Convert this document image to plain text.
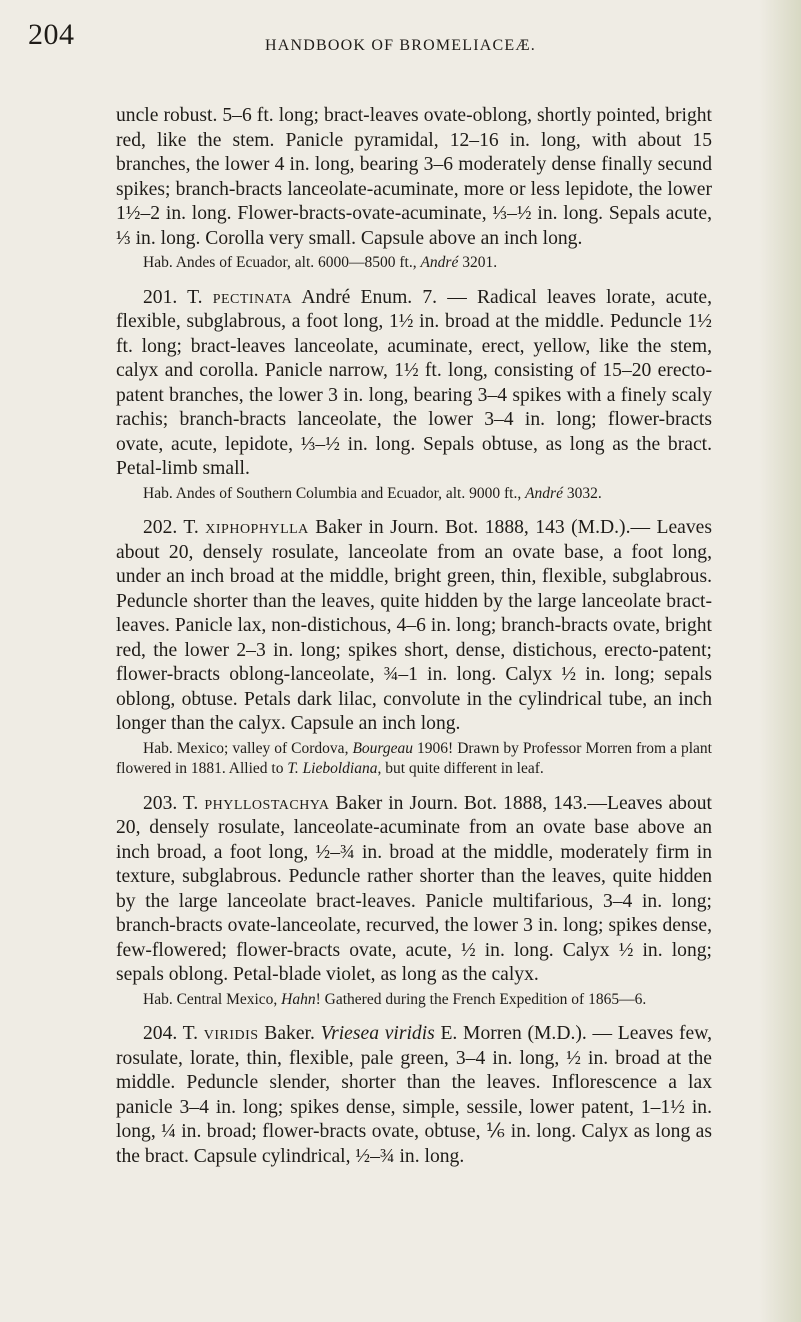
204	HANDBOOK OF BROMELIACEÆ.

uncle robust. 5–6 ft. long; bract-leaves ovate-oblong, shortly pointed, bright red, like the stem. Panicle pyramidal, 12–16 in. long, with about 15 branches, the lower 4 in. long, bearing 3–6 moderately dense finally secund spikes; branch-bracts lanceolate-acuminate, more or less lepidote, the lower 1½–2 in. long. Flower-bracts-ovate-acuminate, ⅓–½ in. long. Sepals acute, ⅓ in. long. Corolla very small. Capsule above an inch long.

Hab. Andes of Ecuador, alt. 6000—8500 ft., André 3201.

201. T. pectinata André Enum. 7. — Radical leaves lorate, acute, flexible, subglabrous, a foot long, 1½ in. broad at the middle. Peduncle 1½ ft. long; bract-leaves lanceolate, acuminate, erect, yellow, like the stem, calyx and corolla. Panicle narrow, 1½ ft. long, consisting of 15–20 erecto-patent branches, the lower 3 in. long, bearing 3–4 spikes with a finely scaly rachis; branch-bracts lanceolate, the lower 3–4 in. long; flower-bracts ovate, acute, lepidote, ⅓–½ in. long. Sepals obtuse, as long as the bract. Petal-limb small.

Hab. Andes of Southern Columbia and Ecuador, alt. 9000 ft., André 3032.

202. T. xiphophylla Baker in Journ. Bot. 1888, 143 (M.D.).— Leaves about 20, densely rosulate, lanceolate from an ovate base, a foot long, under an inch broad at the middle, bright green, thin, flexible, subglabrous. Peduncle shorter than the leaves, quite hidden by the large lanceolate bract-leaves. Panicle lax, non-distichous, 4–6 in. long; branch-bracts ovate, bright red, the lower 2–3 in. long; spikes short, dense, distichous, erecto-patent; flower-bracts oblong-lanceolate, ¾–1 in. long. Calyx ½ in. long; sepals oblong, obtuse. Petals dark lilac, convolute in the cylindrical tube, an inch longer than the calyx. Capsule an inch long.

Hab. Mexico; valley of Cordova, Bourgeau 1906! Drawn by Professor Morren from a plant flowered in 1881. Allied to T. Lieboldiana, but quite different in leaf.

203. T. phyllostachya Baker in Journ. Bot. 1888, 143.—Leaves about 20, densely rosulate, lanceolate-acuminate from an ovate base above an inch broad, a foot long, ½–¾ in. broad at the middle, moderately firm in texture, subglabrous. Peduncle rather shorter than the leaves, quite hidden by the large lanceolate bract-leaves. Panicle multifarious, 3–4 in. long; branch-bracts ovate-lanceolate, recurved, the lower 3 in. long; spikes dense, few-flowered; flower-bracts ovate, acute, ½ in. long. Calyx ½ in. long; sepals oblong. Petal-blade violet, as long as the calyx.

Hab. Central Mexico, Hahn! Gathered during the French Expedition of 1865—6.

204. T. viridis Baker. Vriesea viridis E. Morren (M.D.). — Leaves few, rosulate, lorate, thin, flexible, pale green, 3–4 in. long, ½ in. broad at the middle. Peduncle slender, shorter than the leaves. Inflorescence a lax panicle 3–4 in. long; spikes dense, simple, sessile, lower patent, 1–1½ in. long, ¼ in. broad; flower-bracts ovate, obtuse, ⅙ in. long. Calyx as long as the bract. Capsule cylindrical, ½–¾ in. long.
